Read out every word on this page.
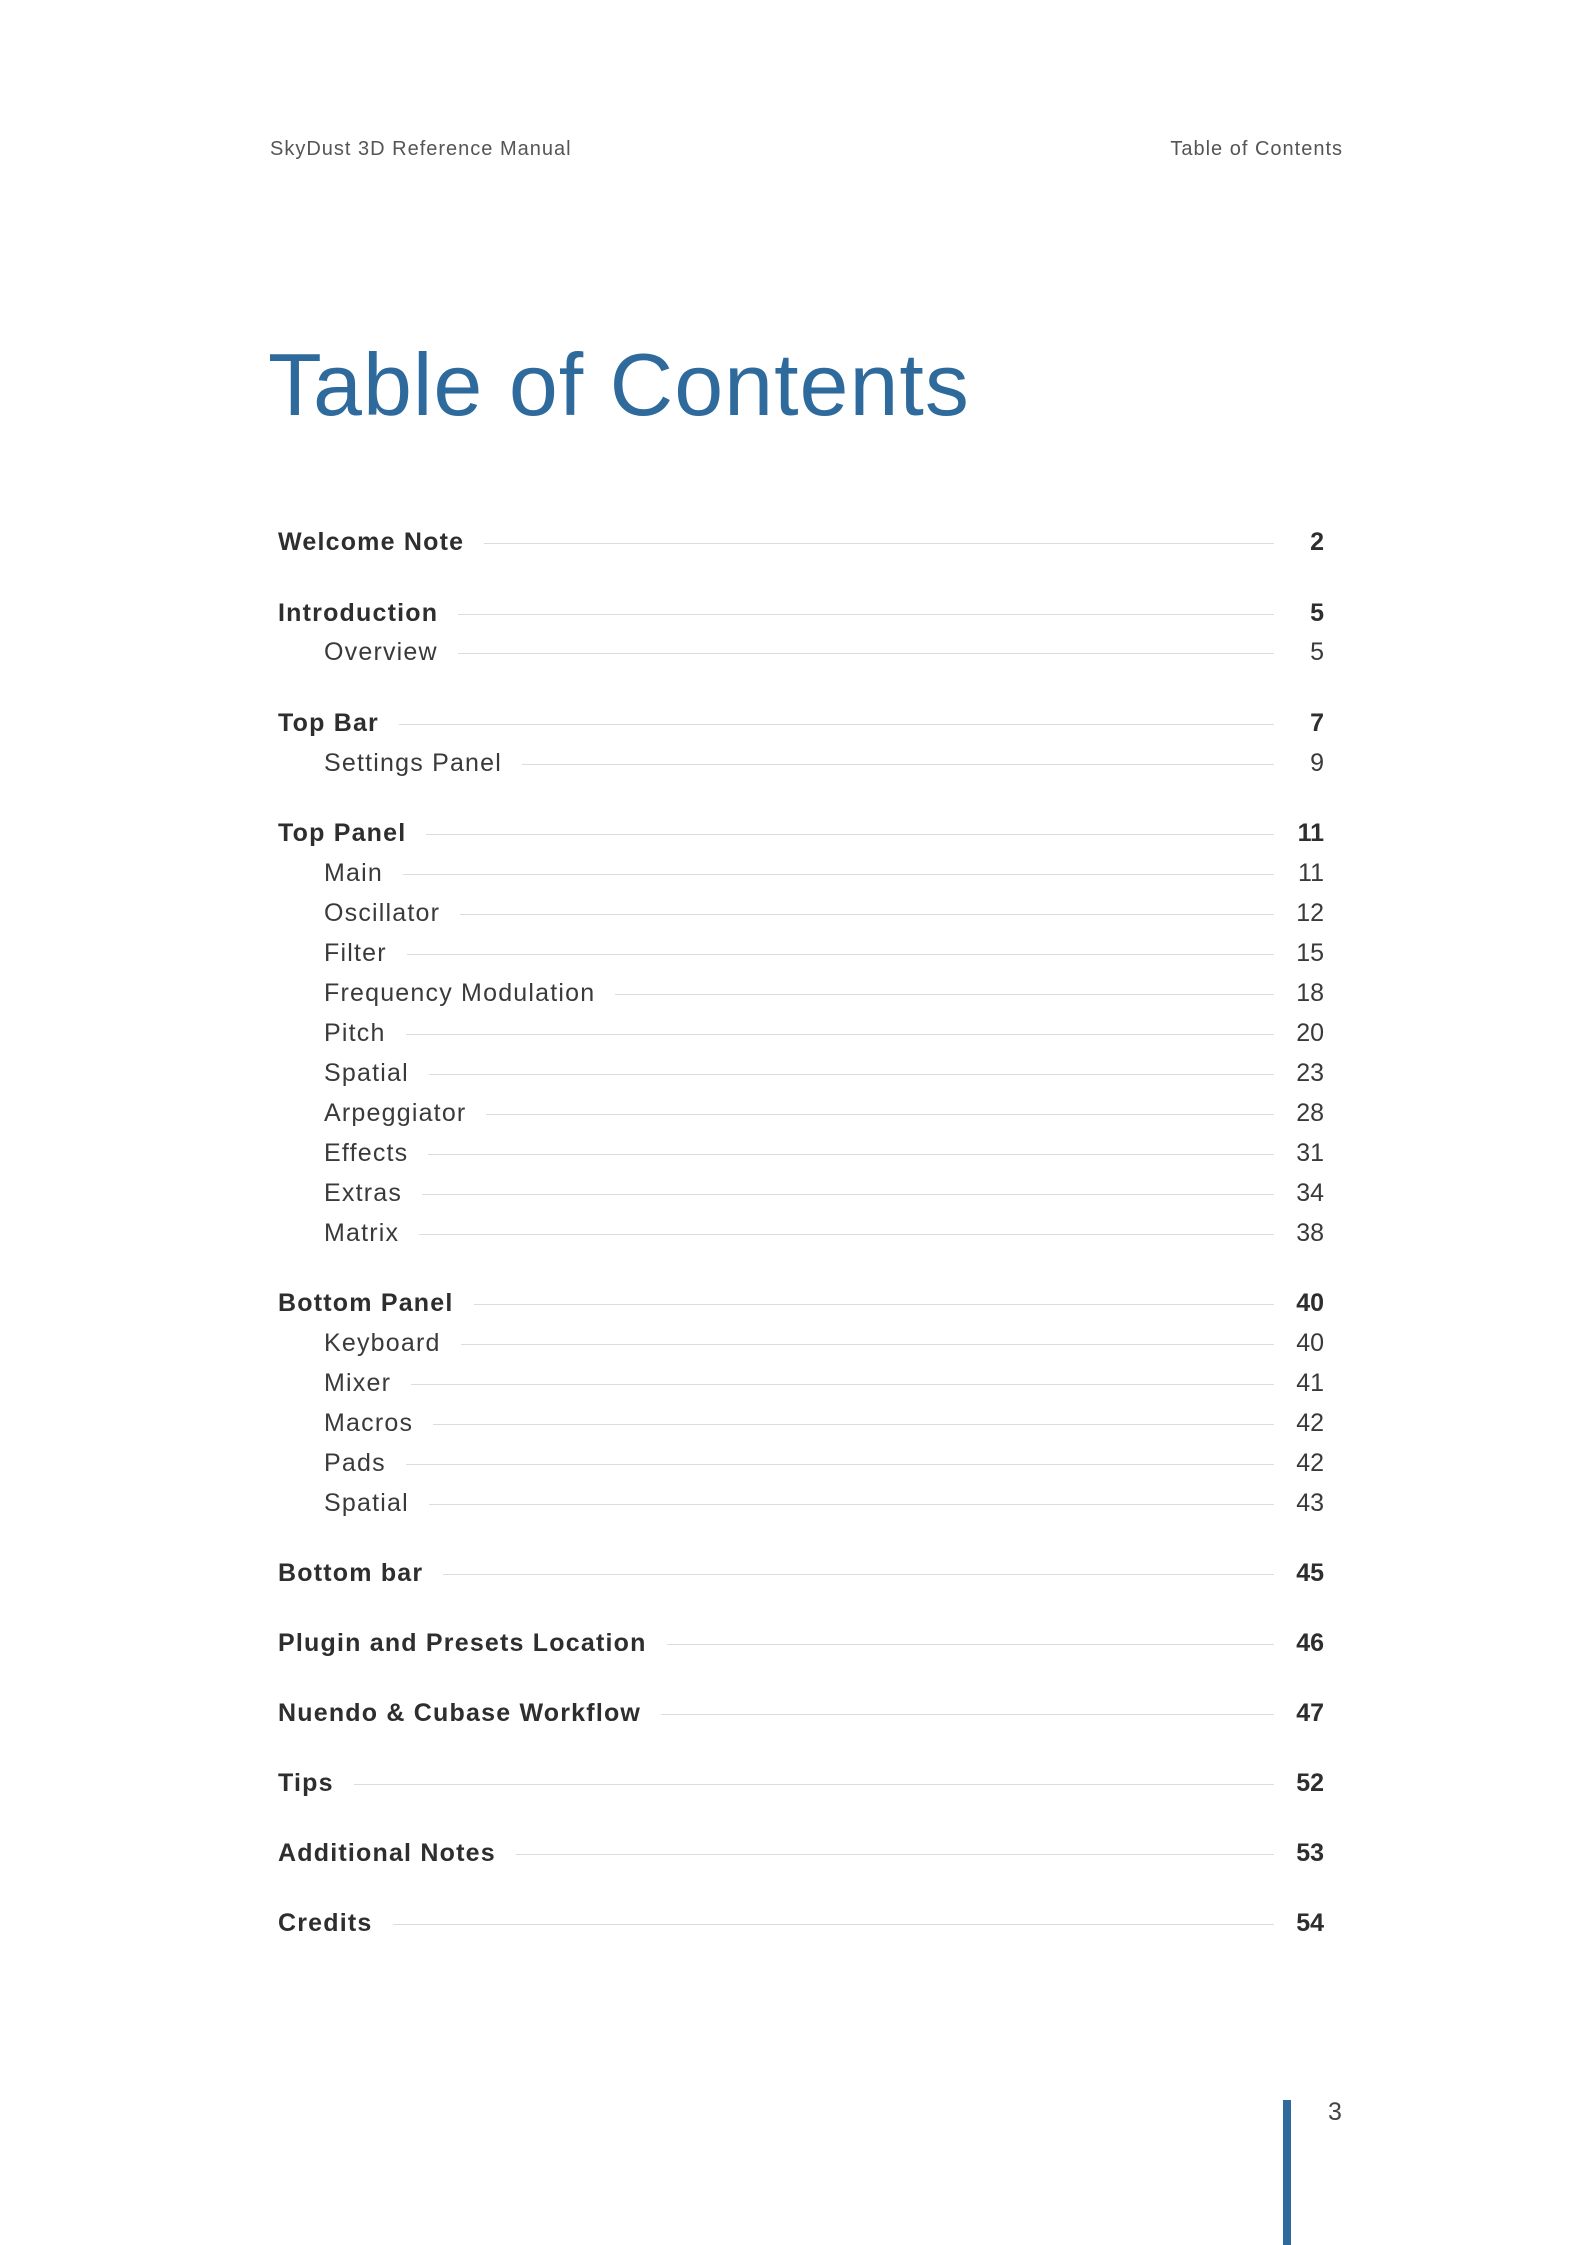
SkyDust 3D Reference Manual	Table of Contents
Table of Contents
Welcome Note	2
Introduction	5
Overview	5
Top Bar	7
Settings Panel	9
Top Panel	11
Main	11
Oscillator	12
Filter	15
Frequency Modulation	18
Pitch	20
Spatial	23
Arpeggiator	28
Effects	31
Extras	34
Matrix	38
Bottom Panel	40
Keyboard	40
Mixer	41
Macros	42
Pads	42
Spatial	43
Bottom bar	45
Plugin and Presets Location	46
Nuendo & Cubase Workflow	47
Tips	52
Additional Notes	53
Credits	54
3
